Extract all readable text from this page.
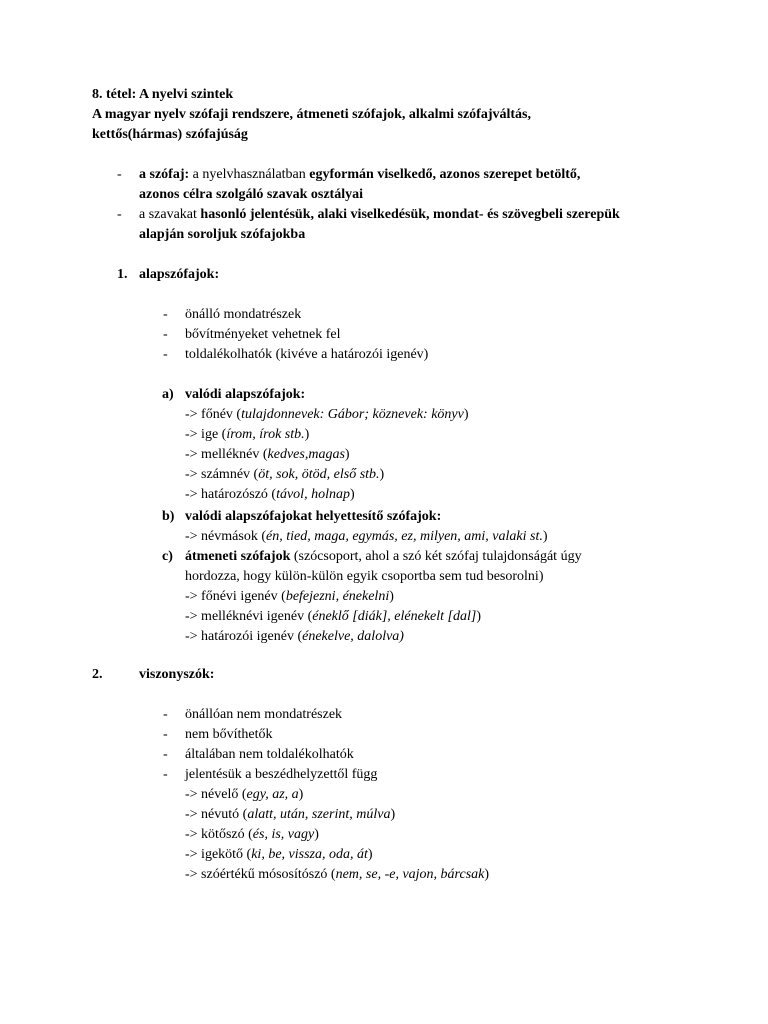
8. tétel: A nyelvi szintek
A magyar nyelv szófaji rendszere, átmeneti szófajok, alkalmi szófajváltás,
kettős(hármas) szófajúság
- a szófaj: a nyelvhasználatban egyformán viselkedő, azonos szerepet betöltő,
azonos célra szolgáló szavak osztályai
- a szavakat hasonló jelentésük, alaki viselkedésük, mondat- és szövegbeli szerepük
alapján soroljuk szófajokba
1. alapszófajok:
- önálló mondatrészek
- bővítményeket vehetnek fel
- toldalékolhatók (kivéve a határozói igenév)
a) valódi alapszófajok:
-> főnév (tulajdonnevek: Gábor; köznevek: könyv)
-> ige (írom, írok stb.)
-> melléknév (kedves,magas)
-> számnév (öt, sok, ötöd, első stb.)
-> határozószó (távol, holnap)
b) valódi alapszófajokat helyettesítő szófajok:
-> névmások (én, tied, maga, egymás, ez, milyen, ami, valaki st.)
c) átmeneti szófajok (szócsoport, ahol a szó két szófaj tulajdonságát úgy
hordozza, hogy külön-külön egyik csoportba sem tud besorolni)
-> főnévi igenév (befejezni, énekelni)
-> melléknévi igenév (éneklő [diák], elénekelt [dal])
-> határozói igenév (énekelve, dalolva)
2.	viszonyszók:
- önállóan nem mondatrészek
- nem bővíthetők
- általában nem toldalékolhatók
- jelentésük a beszédhelyzettől függ
-> névelő (egy, az, a)
-> névutó (alatt, után, szerint, múlva)
-> kötőszó (és, is, vagy)
-> igekötő (ki, be, vissza, oda, át)
-> szóértékű mósosítószó (nem, se, -e, vajon, bárcsak)
